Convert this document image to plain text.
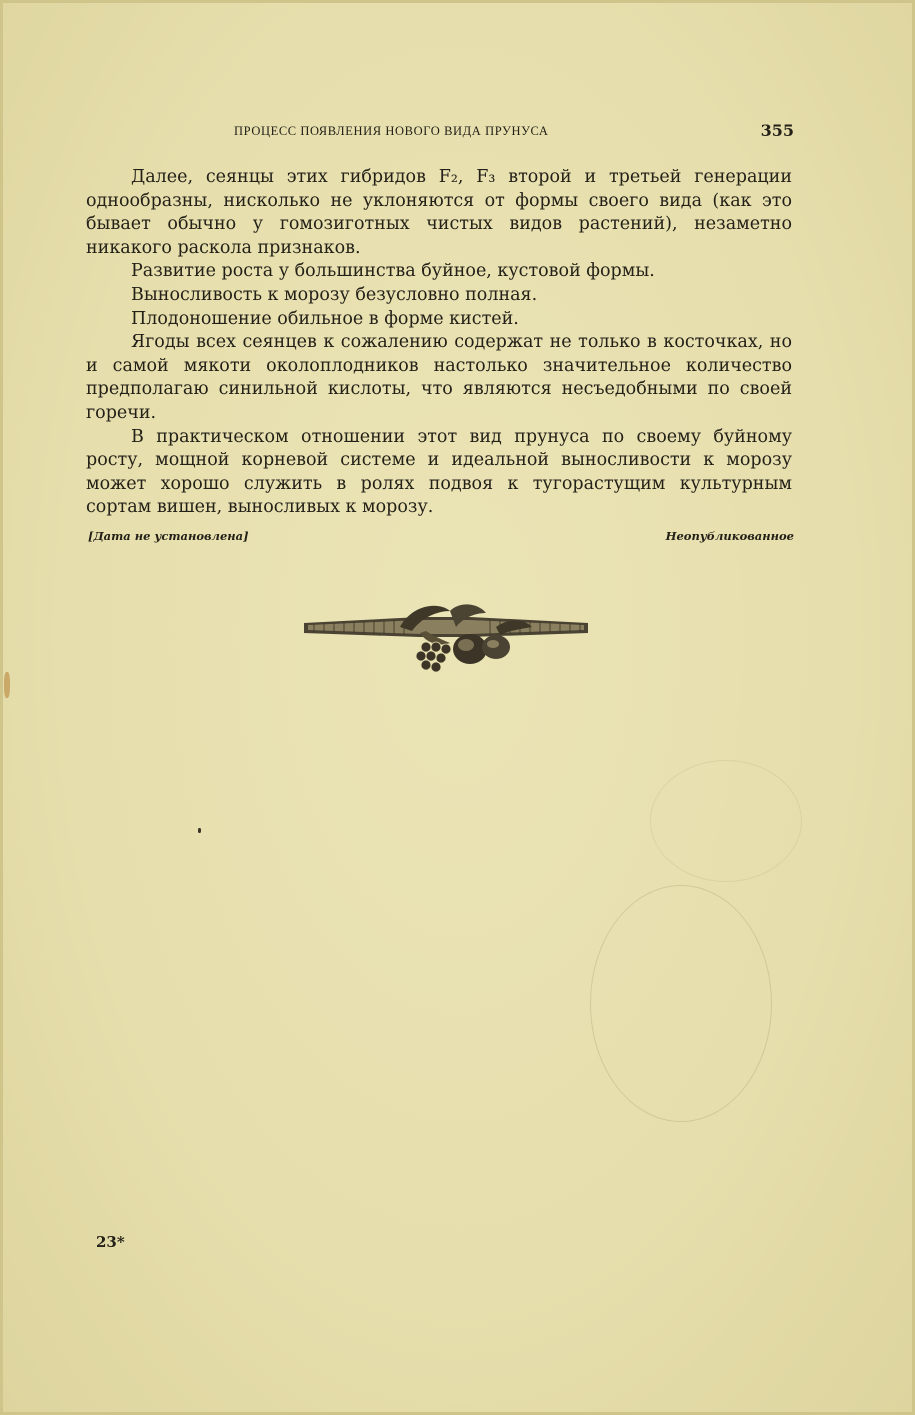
ПРОЦЕСС ПОЯВЛЕНИЯ НОВОГО ВИДА ПРУНУСА	355

Далее, сеянцы этих гибридов F₂, F₃ второй и третьей генерации однообразны, нисколько не уклоняются от формы своего вида (как это бывает обычно у гомозиготных чистых видов растений), незаметно никакого раскола признаков.

Развитие роста у большинства буйное, кустовой формы.

Выносливость к морозу безусловно полная.

Плодоношение обильное в форме кистей.

Ягоды всех сеянцев к сожалению содержат не только в косточках, но и самой мякоти околоплодников настолько значительное количество предполагаю синильной кислоты, что являются несъедобными по своей горечи.

В практическом отношении этот вид прунуса по своему буйному росту, мощной корневой системе и идеальной выносливости к морозу может хорошо служить в ролях подвоя к тугорастущим культурным сортам вишен, выносливых к морозу.

[Дата не установлена]	Неопубликованное
23*
